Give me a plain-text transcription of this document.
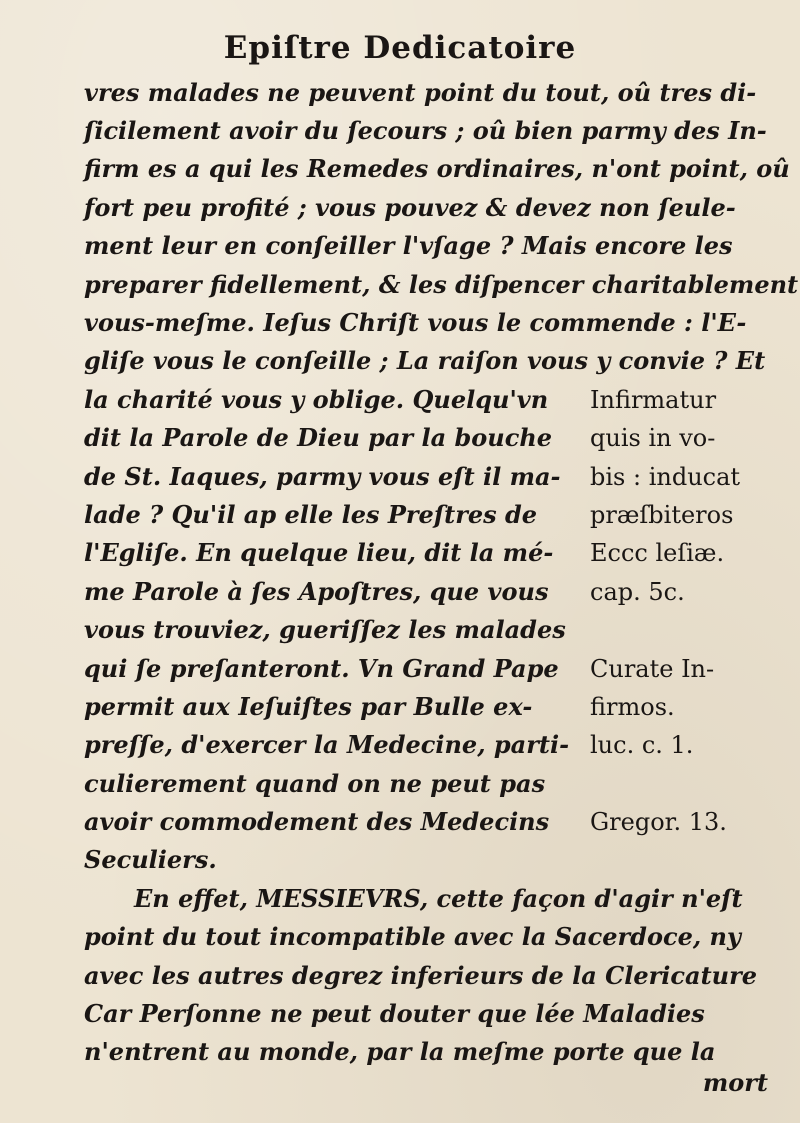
Epiſtre Dedicatoire
vres malades ne peuvent point du tout, oû tres di-
ſicilement avoir du ſecours ; oû bien parmy des In-
firm es a qui les Remedes ordinaires, n'ont point, oû
fort peu profité ; vous pouvez & devez non ſeule-
ment leur en conſeiller l'vſage ? Mais encore les
preparer fidellement, & les diſpencer charitablement
vous-meſme. Ieſus Chriſt vous le commende : l'E-
gliſe vous le conſeille ; La raiſon vous y convie ? Et
la charité vous y oblige. Quelqu'vn
dit la Parole de Dieu par la bouche
de St. Iaques, parmy vous eſt il ma-
lade ? Qu'il ap elle les Preſtres de
l'Egliſe. En quelque lieu, dit la mé-
me Parole à ſes Apoſtres, que vous
vous trouviez, gueriſſez les malades
qui ſe preſanteront. Vn Grand Pape
permit aux Ieſuiſtes par Bulle ex-
preſſe, d'exercer la Medecine, parti-
culierement quand on ne peut pas
avoir commodement des Medecins
Seculiers.
En effet, MESSIEVRS, cette façon d'agir n'eſt
point du tout incompatible avec la Sacerdoce, ny
avec les autres degrez inferieurs de la Clericature
Car Perſonne ne peut douter que lée Maladies
n'entrent au monde, par la meſme porte que la
Infirmatur
quis in vo-
bis : inducat
præſbiteros
Eccc leſiæ.
cap. 5c.
Curate In-
firmos.
luc. c. 1.
Gregor. 13.
mort
